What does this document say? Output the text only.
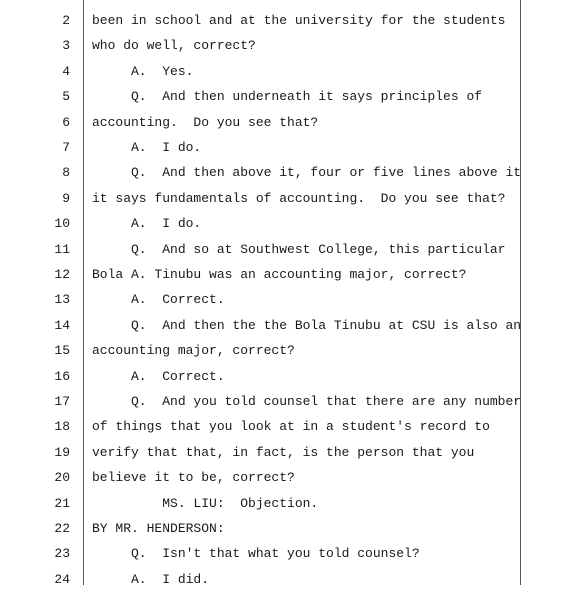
2 been in school and at the university for the students
3 who do well, correct?
4 A.  Yes.
5 Q.  And then underneath it says principles of
6 accounting.  Do you see that?
7 A.  I do.
8 Q.  And then above it, four or five lines above it
9 it says fundamentals of accounting.  Do you see that?
10 A.  I do.
11 Q.  And so at Southwest College, this particular
12 Bola A. Tinubu was an accounting major, correct?
13 A.  Correct.
14 Q.  And then the the Bola Tinubu at CSU is also an
15 accounting major, correct?
16 A.  Correct.
17 Q.  And you told counsel that there are any number
18 of things that you look at in a student's record to
19 verify that that, in fact, is the person that you
20 believe it to be, correct?
21 MS. LIU:  Objection.
22 BY MR. HENDERSON:
23 Q.  Isn't that what you told counsel?
24 A.  I did.
